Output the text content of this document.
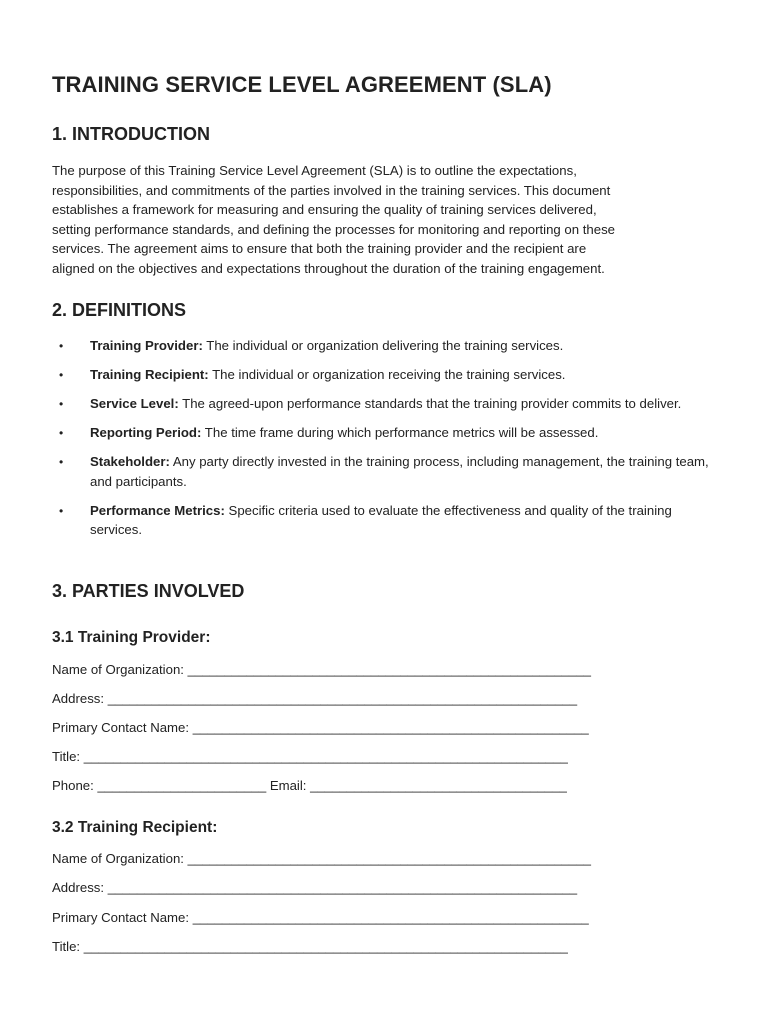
TRAINING SERVICE LEVEL AGREEMENT (SLA)
1. INTRODUCTION

The purpose of this Training Service Level Agreement (SLA) is to outline the expectations,
responsibilities, and commitments of the parties involved in the training services. This document
establishes a framework for measuring and ensuring the quality of training services delivered,
setting performance standards, and defining the processes for monitoring and reporting on these
services. The agreement aims to ensure that both the training provider and the recipient are
aligned on the objectives and expectations throughout the duration of the training engagement.

2. DEFINITIONS
• Training Provider: The individual or organization delivering the training services.
• Training Recipient: The individual or organization receiving the training services.
• Service Level: The agreed-upon performance standards that the training provider commits to deliver.
• Reporting Period: The time frame during which performance metrics will be assessed.
• Stakeholder: Any party directly invested in the training process, including management, the training team, and participants.
• Performance Metrics: Specific criteria used to evaluate the effectiveness and quality of the training services.
3. PARTIES INVOLVED
3.1 Training Provider:
Name of Organization: _______________________________________________________
Address: ________________________________________________________________
Primary Contact Name: ______________________________________________________
Title: __________________________________________________________________
Phone: _______________________ Email: ___________________________________
3.2 Training Recipient:
Name of Organization: _______________________________________________________
Address: ________________________________________________________________
Primary Contact Name: ______________________________________________________
Title: __________________________________________________________________
